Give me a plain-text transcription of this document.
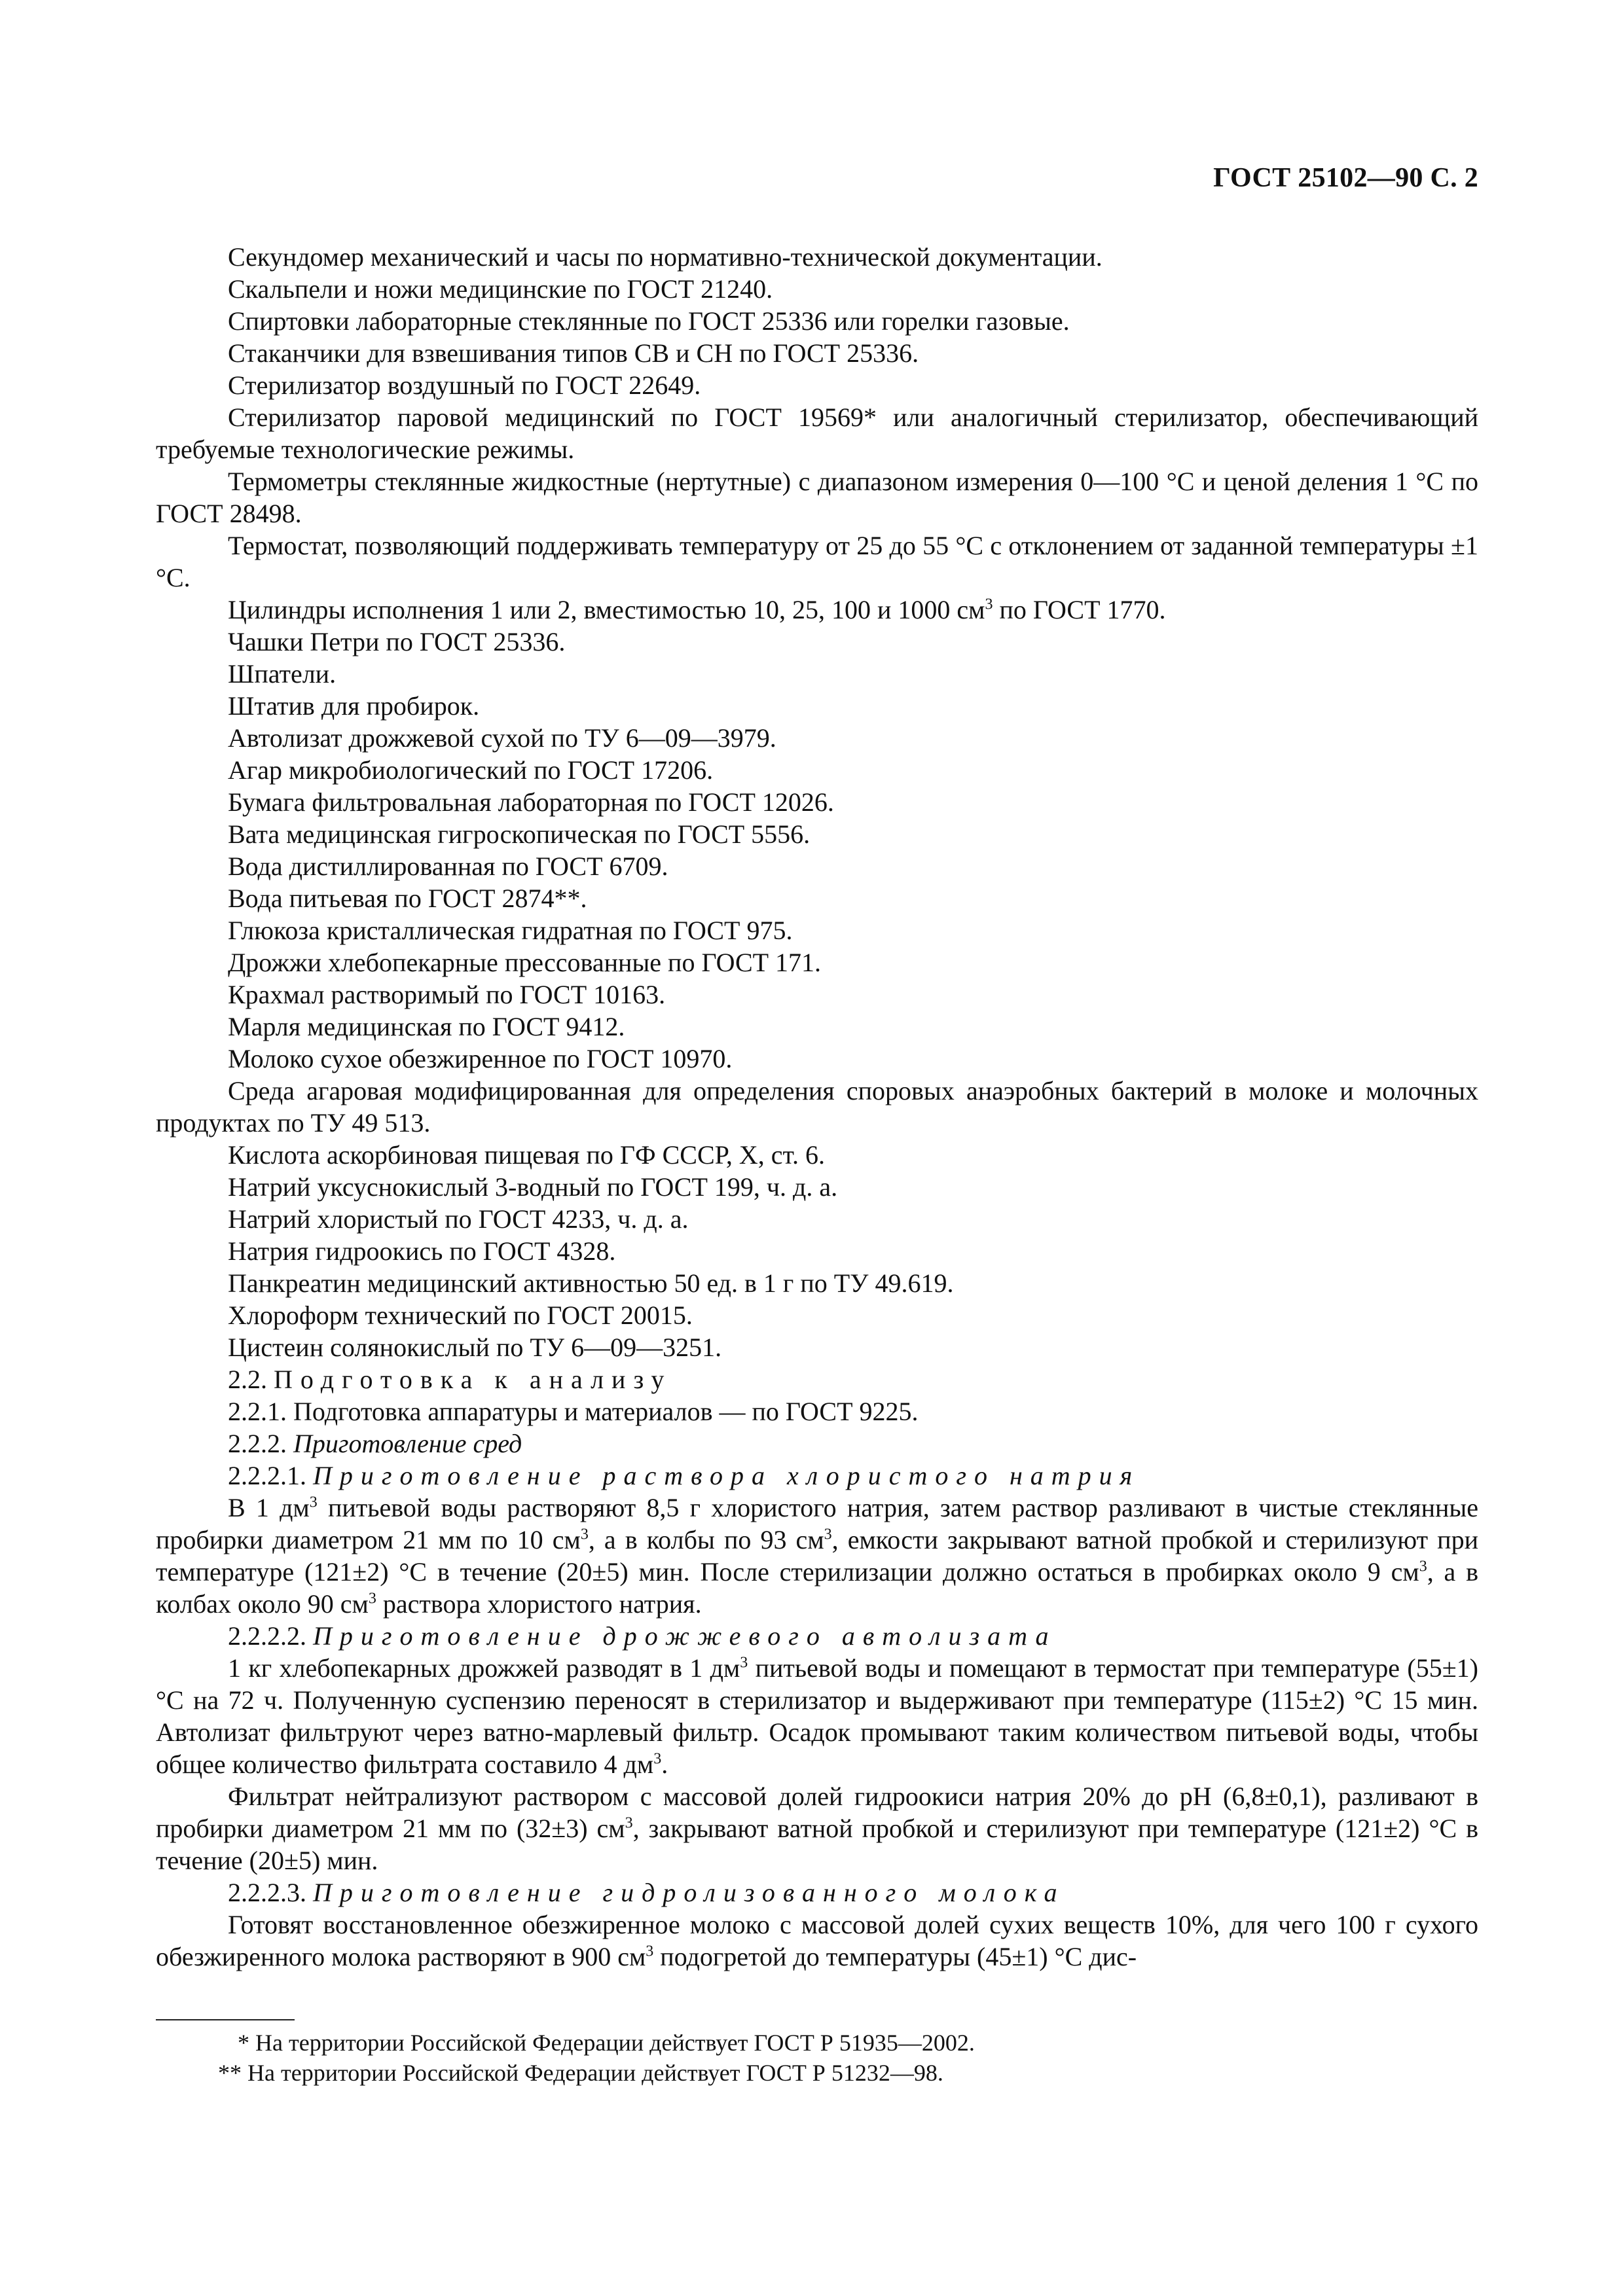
ГОСТ 25102—90 С. 2

Секундомер механический и часы по нормативно-технической документации.

Скальпели и ножи медицинские по ГОСТ 21240.

Спиртовки лабораторные стеклянные по ГОСТ 25336 или горелки газовые.

Стаканчики для взвешивания типов СВ и СН по ГОСТ 25336.

Стерилизатор воздушный по ГОСТ 22649.

Стерилизатор паровой медицинский по ГОСТ 19569* или аналогичный стерилизатор, обеспечивающий требуемые технологические режимы.

Термометры стеклянные жидкостные (нертутные) с диапазоном измерения 0—100 °С и ценой деления 1 °С по ГОСТ 28498.

Термостат, позволяющий поддерживать температуру от 25 до 55 °С с отклонением от заданной температуры ±1 °С.

Цилиндры исполнения 1 или 2, вместимостью 10, 25, 100 и 1000 $см^3$ по ГОСТ 1770.

Чашки Петри по ГОСТ 25336.

Шпатели.

Штатив для пробирок.

Автолизат дрожжевой сухой по ТУ 6—09—3979.

Агар микробиологический по ГОСТ 17206.

Бумага фильтровальная лабораторная по ГОСТ 12026.

Вата медицинская гигроскопическая по ГОСТ 5556.

Вода дистиллированная по ГОСТ 6709.

Вода питьевая по ГОСТ 2874**.

Глюкоза кристаллическая гидратная по ГОСТ 975.

Дрожжи хлебопекарные прессованные по ГОСТ 171.

Крахмал растворимый по ГОСТ 10163.

Марля медицинская по ГОСТ 9412.

Молоко сухое обезжиренное по ГОСТ 10970.

Среда агаровая модифицированная для определения споровых анаэробных бактерий в молоке и молочных продуктах по ТУ 49 513.

Кислота аскорбиновая пищевая по ГФ СССР, X, ст. 6.

Натрий уксуснокислый 3-водный по ГОСТ 199, ч. д. а.

Натрий хлористый по ГОСТ 4233, ч. д. а.

Натрия гидроокись по ГОСТ 4328.

Панкреатин медицинский активностью 50 ед. в 1 г по ТУ 49.619.

Хлороформ технический по ГОСТ 20015.

Цистеин солянокислый по ТУ 6—09—3251.

2.2. Подготовка к анализу

2.2.1. Подготовка аппаратуры и материалов — по ГОСТ 9225.

2.2.2. Приготовление сред

2.2.2.1. Приготовление раствора хлористого натрия

В 1 $дм^3$ питьевой воды растворяют 8,5 г хлористого натрия, затем раствор разливают в чистые стеклянные пробирки диаметром 21 мм по 10 $см^3$, а в колбы по 93 $см^3$, емкости закрывают ватной пробкой и стерилизуют при температуре (121±2) °С в течение (20±5) мин. После стерилизации должно остаться в пробирках около 9 $см^3$, а в колбах около 90 $см^3$ раствора хлористого натрия.

2.2.2.2. Приготовление дрожжевого автолизата

1 кг хлебопекарных дрожжей разводят в 1 $дм^3$ питьевой воды и помещают в термостат при температуре (55±1) °С на 72 ч. Полученную суспензию переносят в стерилизатор и выдерживают при температуре (115±2) °С 15 мин. Автолизат фильтруют через ватно-марлевый фильтр. Осадок промывают таким количеством питьевой воды, чтобы общее количество фильтрата составило 4 $дм^3$.

Фильтрат нейтрализуют раствором с массовой долей гидроокиси натрия 20% до pH (6,8±0,1), разливают в пробирки диаметром 21 мм по (32±3) $см^3$, закрывают ватной пробкой и стерилизуют при температуре (121±2) °С в течение (20±5) мин.

2.2.2.3. Приготовление гидролизованного молока

Готовят восстановленное обезжиренное молоко с массовой долей сухих веществ 10%, для чего 100 г сухого обезжиренного молока растворяют в 900 $см^3$ подогретой до температуры (45±1) °С дис-

* На территории Российской Федерации действует ГОСТ Р 51935—2002.
** На территории Российской Федерации действует ГОСТ Р 51232—98.
